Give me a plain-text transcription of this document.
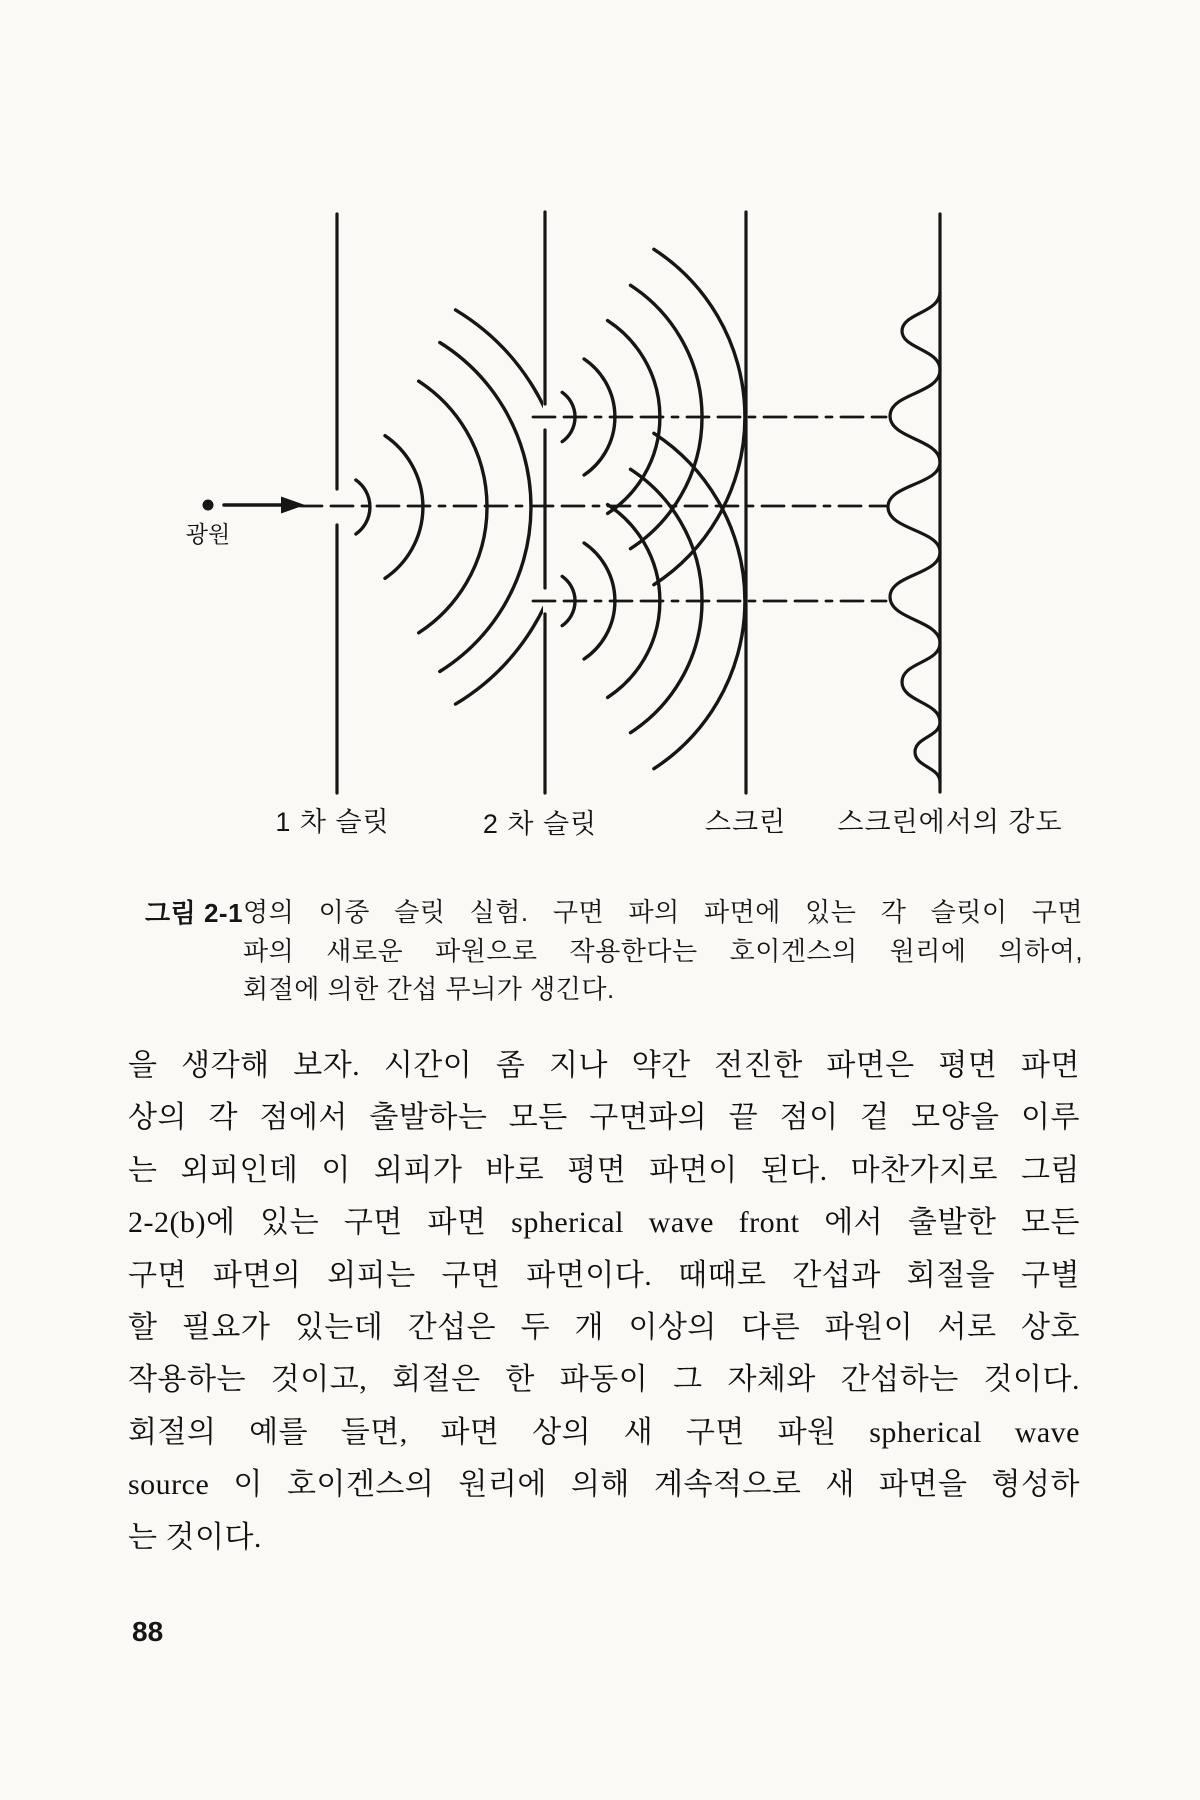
광원
1 차 슬릿	2 차 슬릿	스크린	스크린에서의 강도
그림 2-1 영의 이중 슬릿 실험. 구면 파의 파면에 있는 각 슬릿이 구면
파의 새로운 파원으로 작용한다는 호이겐스의 원리에 의하여,
회절에 의한 간섭 무늬가 생긴다.
을 생각해 보자. 시간이 좀 지나 약간 전진한 파면은 평면 파면
상의 각 점에서 출발하는 모든 구면파의 끝 점이 겉 모양을 이루
는 외피인데 이 외피가 바로 평면 파면이 된다. 마찬가지로 그림
2-2(b)에 있는 구면 파면 spherical wave front 에서 출발한 모든
구면 파면의 외피는 구면 파면이다. 때때로 간섭과 회절을 구별
할 필요가 있는데 간섭은 두 개 이상의 다른 파원이 서로 상호
작용하는 것이고, 회절은 한 파동이 그 자체와 간섭하는 것이다.
회절의 예를 들면, 파면 상의 새 구면 파원 spherical wave
source 이 호이겐스의 원리에 의해 계속적으로 새 파면을 형성하
는 것이다.
88
